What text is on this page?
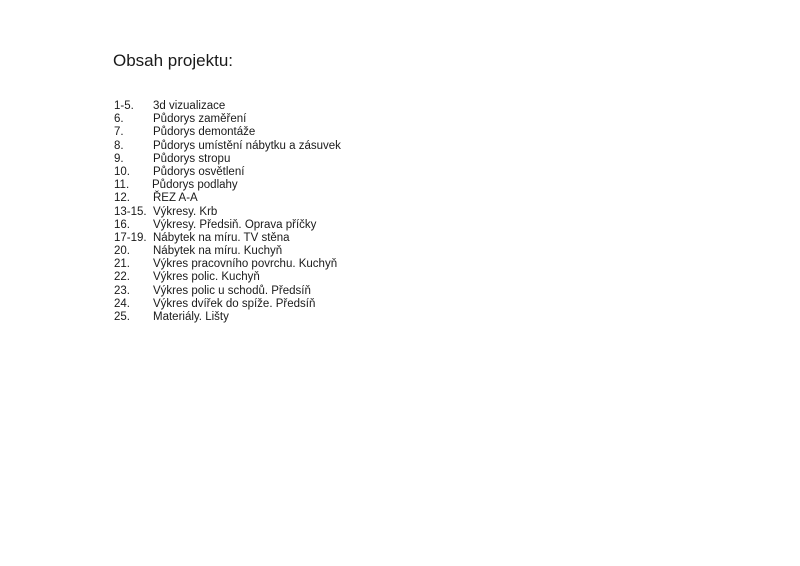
Obsah projektu:
1-5. 3d vizualizace
6.	Půdorys zaměření
7.	Půdorys demontáže
8.	Půdorys umístění nábytku a zásuvek
9.	Půdorys stropu
10. Půdorys osvětlení
11. Půdorys podlahy
12. ŘEZ A-A
13-15. Výkresy. Krb
16. Výkresy. Předsiň. Oprava příčky
17-19. Nábytek na míru. TV stěna
20. Nábytek na míru. Kuchyň
21. Výkres pracovního povrchu. Kuchyň
22. Výkres polic. Kuchyň
23. Výkres polic u schodů. Předsíň
24. Výkres dvířek do spíže. Předsíň
25. Materiály. Lišty
